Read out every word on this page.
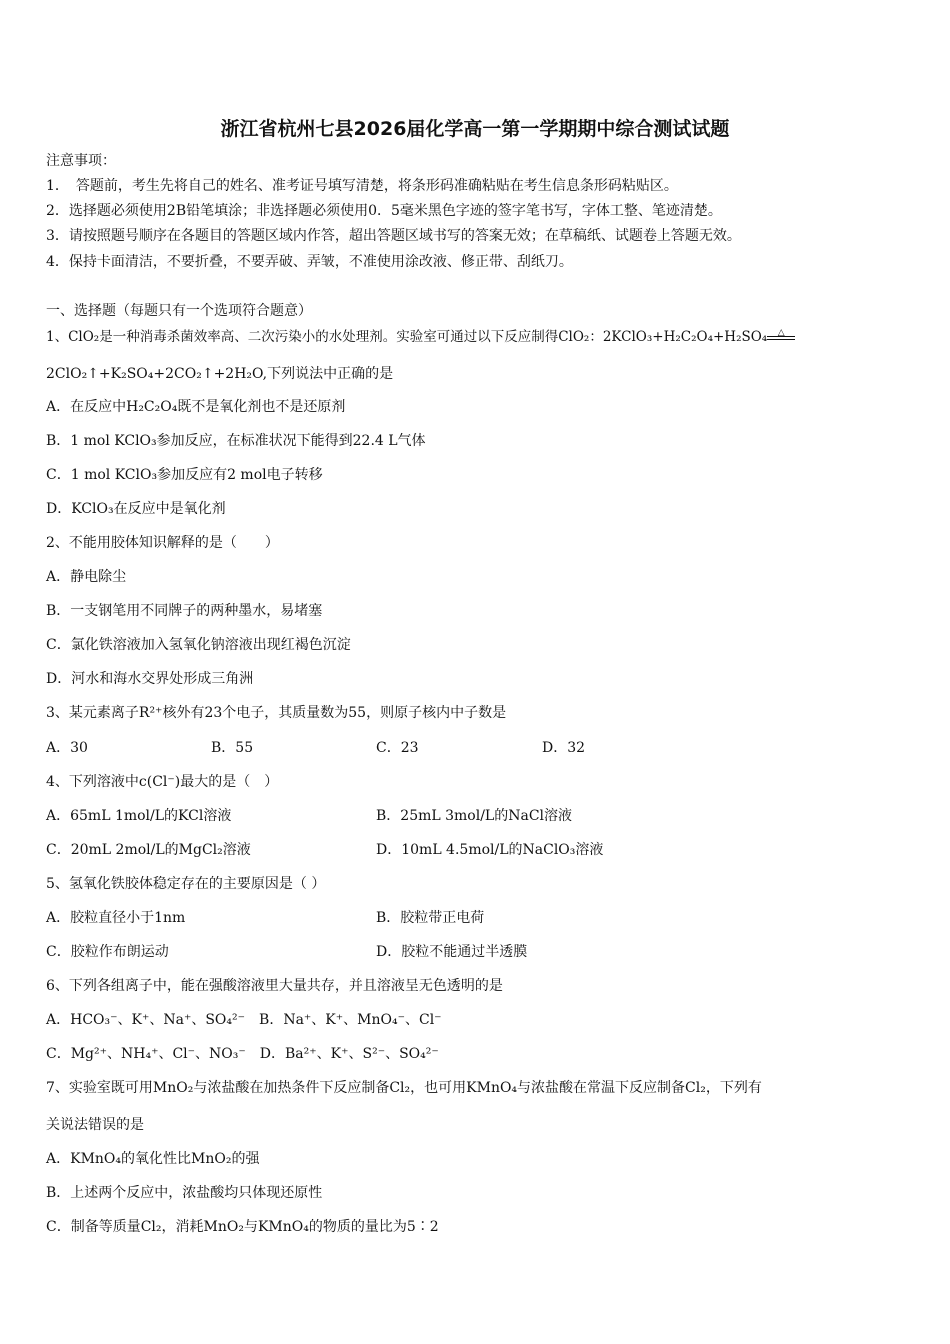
浙江省杭州七县2026届化学高一第一学期期中综合测试试题
注意事项：
1．　答题前，考生先将自己的姓名、准考证号填写清楚，将条形码准确粘贴在考生信息条形码粘贴区。
2．选择题必须使用2B铅笔填涂；非选择题必须使用0．5毫米黑色字迹的签字笔书写，字体工整、笔迹清楚。
3．请按照题号顺序在各题目的答题区域内作答，超出答题区域书写的答案无效；在草稿纸、试题卷上答题无效。
4．保持卡面清洁，不要折叠，不要弄破、弄皱，不准使用涂改液、修正带、刮纸刀。
一、选择题（每题只有一个选项符合题意）
1、ClO₂是一种消毒杀菌效率高、二次污染小的水处理剂。实验室可通过以下反应制得ClO₂：2KClO₃+H₂C₂O₄+H₂SO₄ △
2ClO₂↑+K₂SO₄+2CO₂↑+2H₂O,下列说法中正确的是
A．在反应中H₂C₂O₄既不是氧化剂也不是还原剂
B．1 mol KClO₃参加反应，在标准状况下能得到22.4 L气体
C．1 mol KClO₃参加反应有2 mol电子转移
D．KClO₃在反应中是氧化剂
2、不能用胶体知识解释的是（　　）
A．静电除尘
B．一支钢笔用不同牌子的两种墨水，易堵塞
C．氯化铁溶液加入氢氧化钠溶液出现红褐色沉淀
D．河水和海水交界处形成三角洲
3、某元素离子R²⁺核外有23个电子，其质量数为55，则原子核内中子数是
A．30	B．55	C．23	D．32
4、下列溶液中c(Cl⁻)最大的是（　）
A．65mL 1mol/L的KCl溶液	B．25mL 3mol/L的NaCl溶液
C．20mL 2mol/L的MgCl₂溶液	D．10mL 4.5mol/L的NaClO₃溶液
5、氢氧化铁胶体稳定存在的主要原因是（ ）
A．胶粒直径小于1nm	B．胶粒带正电荷
C．胶粒作布朗运动	D．胶粒不能通过半透膜
6、下列各组离子中，能在强酸溶液里大量共存，并且溶液呈无色透明的是
A．HCO₃⁻、K⁺、Na⁺、SO₄²⁻　B．Na⁺、K⁺、MnO₄⁻、Cl⁻
C．Mg²⁺、NH₄⁺、Cl⁻、NO₃⁻　D．Ba²⁺、K⁺、S²⁻、SO₄²⁻
7、实验室既可用MnO₂与浓盐酸在加热条件下反应制备Cl₂，也可用KMnO₄与浓盐酸在常温下反应制备Cl₂，下列有
关说法错误的是
A．KMnO₄的氧化性比MnO₂的强
B．上述两个反应中，浓盐酸均只体现还原性
C．制备等质量Cl₂，消耗MnO₂与KMnO₄的物质的量比为5∶2
